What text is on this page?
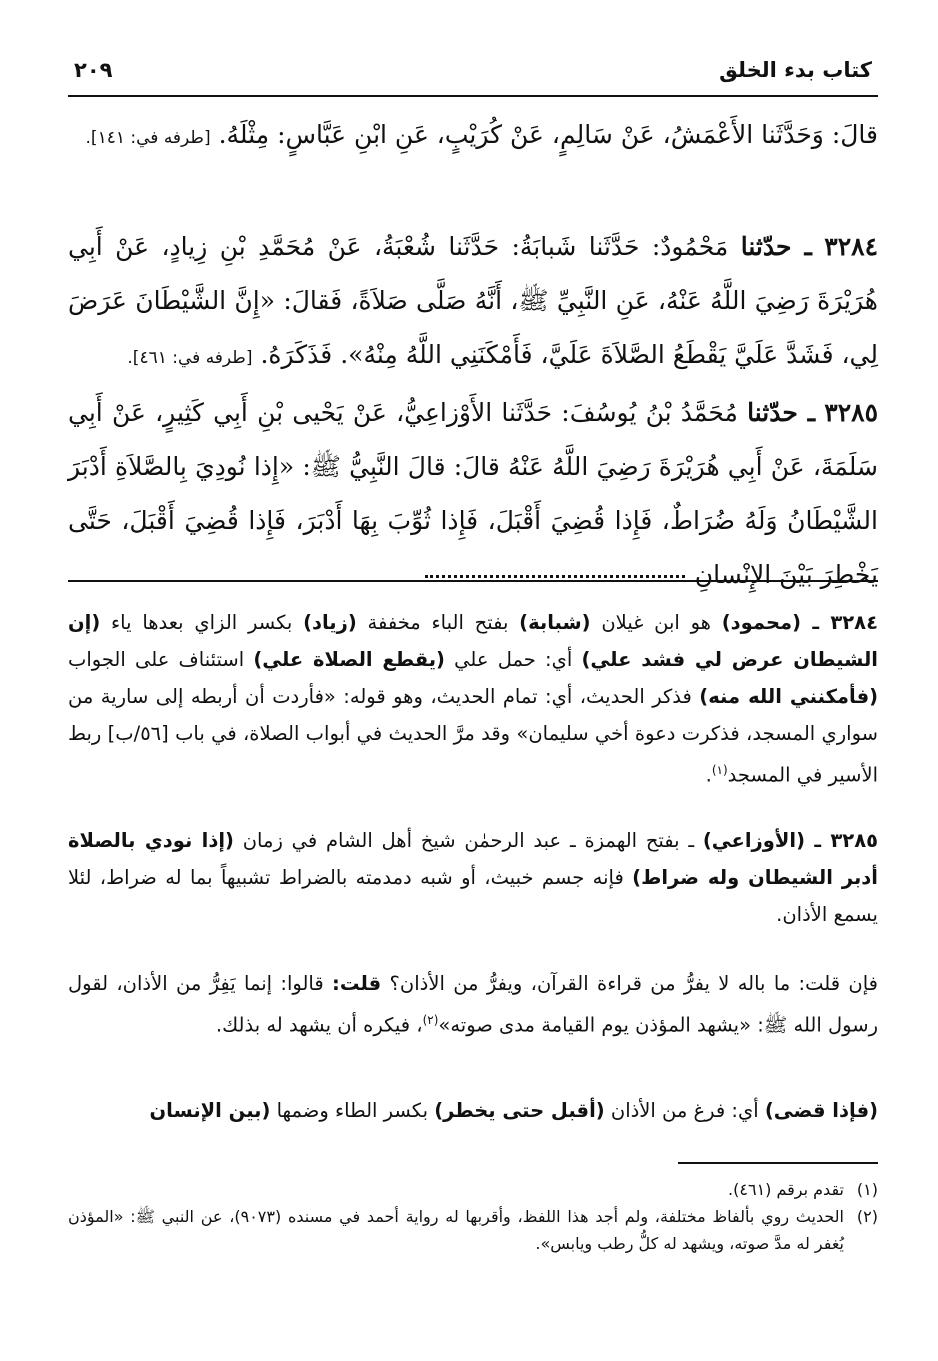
كتاب بدء الخلق
٢٠٩

قالَ: وَحَدَّثَنا الأَعْمَشُ، عَنْ سَالِمٍ، عَنْ كُرَيْبٍ، عَنِ ابْنِ عَبَّاسٍ: مِثْلَهُ. [طرفه في: ١٤١].

٣٢٨٤ ـ حدّثنا مَحْمُودٌ: حَدَّثَنا شَبابَةُ: حَدَّثَنا شُعْبَةُ، عَنْ مُحَمَّدِ بْنِ زِيادٍ، عَنْ أَبِي هُرَيْرَةَ رَضِيَ اللَّهُ عَنْهُ، عَنِ النَّبِيِّ ﷺ، أَنَّهُ صَلَّى صَلاَةً، فَقالَ: «إِنَّ الشَّيْطَانَ عَرَضَ لِي، فَشَدَّ عَلَيَّ يَقْطَعُ الصَّلاَةَ عَلَيَّ، فَأَمْكَنَنِي اللَّهُ مِنْهُ». فَذَكَرَهُ. [طرفه في: ٤٦١].

٣٢٨٥ ـ حدّثنا مُحَمَّدُ بْنُ يُوسُفَ: حَدَّثَنا الأَوْزاعِيُّ، عَنْ يَحْيى بْنِ أَبِي كَثِيرٍ، عَنْ أَبِي سَلَمَةَ، عَنْ أَبِي هُرَيْرَةَ رَضِيَ اللَّهُ عَنْهُ قالَ: قالَ النَّبِيُّ ﷺ: «إِذا نُودِيَ بِالصَّلاَةِ أَدْبَرَ الشَّيْطَانُ وَلَهُ ضُرَاطٌ، فَإِذا قُضِيَ أَقْبَلَ، فَإِذا ثُوِّبَ بِهَا أَدْبَرَ، فَإِذا قُضِيَ أَقْبَلَ، حَتَّى يَخْطِرَ بَيْنَ الإِنْسانِ

٣٢٨٤ ـ (محمود) هو ابن غيلان (شبابة) بفتح الباء مخففة (زياد) بكسر الزاي بعدها ياء (إن الشيطان عرض لي فشد علي) أي: حمل علي (يقطع الصلاة علي) استئناف على الجواب (فأمكنني الله منه) فذكر الحديث، أي: تمام الحديث، وهو قوله: «فأردت أن أربطه إلى سارية من سواري المسجد، فذكرت دعوة أخي سليمان» وقد مرَّ الحديث في أبواب الصلاة، في باب [٥٦/ب] ربط الأسير في المسجد$^{(١)}$.

٣٢٨٥ ـ (الأوزاعي) ـ بفتح الهمزة ـ عبد الرحمٰن شيخ أهل الشام في زمان (إذا نودي بالصلاة أدبر الشيطان وله ضراط) فإنه جسم خبيث، أو شبه دمدمته بالضراط تشبيهاً بما له ضراط، لئلا يسمع الأذان.

فإن قلت: ما باله لا يفرُّ من قراءة القرآن، ويفرُّ من الأذان؟ قلت: قالوا: إنما يَفِرُّ من الأذان، لقول رسول الله ﷺ: «يشهد المؤذن يوم القيامة مدى صوته»$^{(٢)}$، فيكره أن يشهد له بذلك.

(فإذا قضى) أي: فرغ من الأذان (أقبل حتى يخطر) بكسر الطاء وضمها (بين الإنسان

(١)
تقدم برقم (٤٦١).

(٢)
الحديث روي بألفاظ مختلفة، ولم أجد هذا اللفظ، وأقربها له رواية أحمد في مسنده (٩٠٧٣)، عن النبي ﷺ: «المؤذن يُغفر له مدَّ صوته، ويشهد له كلُّ رطب ويابس».
